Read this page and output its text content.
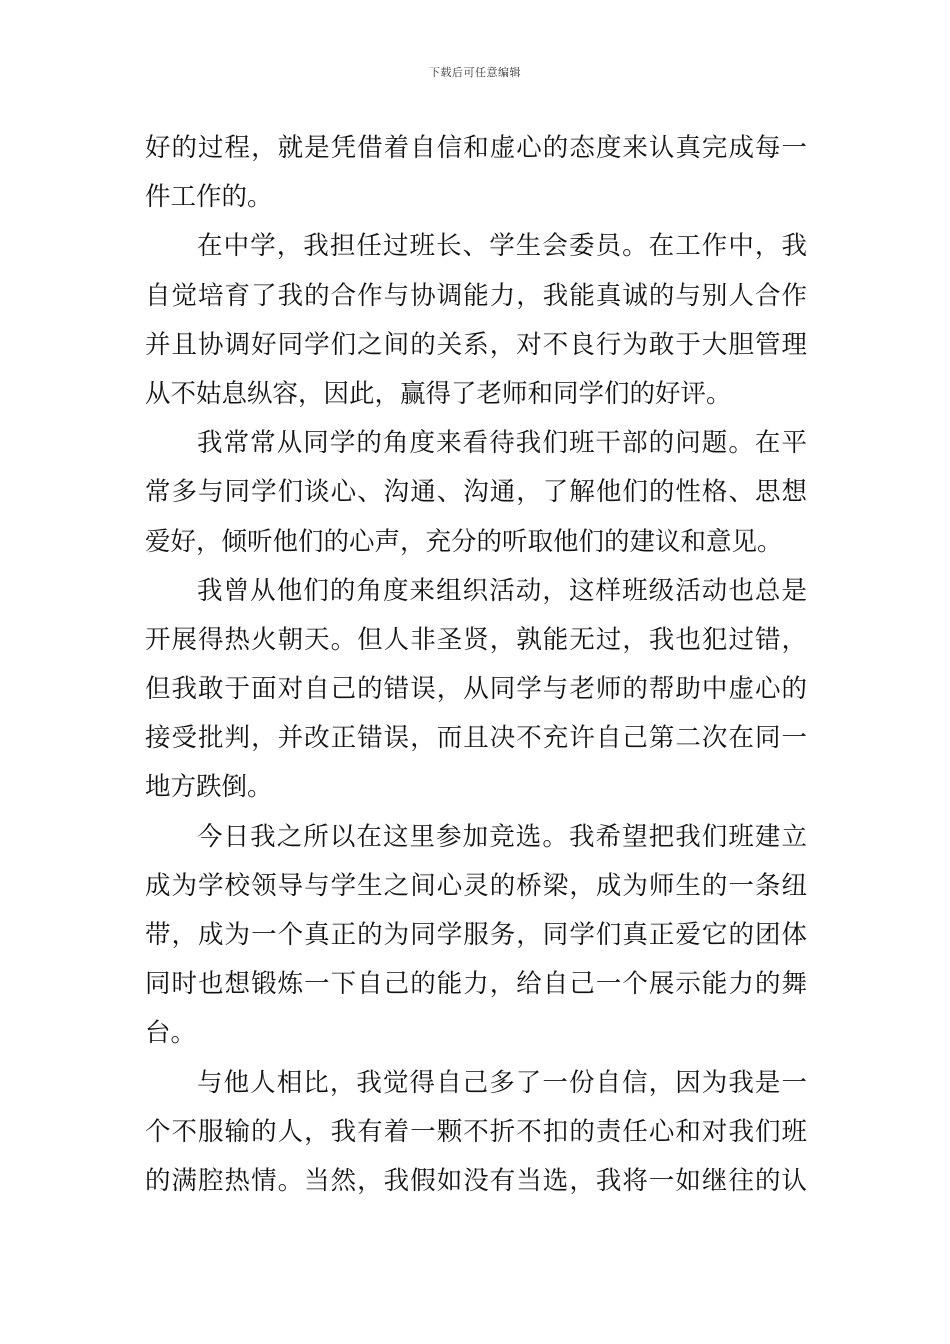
下载后可任意编辑
好的过程，就是凭借着自信和虚心的态度来认真完成每一
件工作的。
在中学，我担任过班长、学生会委员。在工作中，我
自觉培育了我的合作与协调能力，我能真诚的与别人合作
并且协调好同学们之间的关系，对不良行为敢于大胆管理
从不姑息纵容，因此，赢得了老师和同学们的好评。
我常常从同学的角度来看待我们班干部的问题。在平
常多与同学们谈心、沟通、沟通，了解他们的性格、思想
爱好，倾听他们的心声，充分的听取他们的建议和意见。
我曾从他们的角度来组织活动，这样班级活动也总是
开展得热火朝天。但人非圣贤，孰能无过，我也犯过错，
但我敢于面对自己的错误，从同学与老师的帮助中虚心的
接受批判，并改正错误，而且决不充许自己第二次在同一
地方跌倒。
今日我之所以在这里参加竞选。我希望把我们班建立
成为学校领导与学生之间心灵的桥梁，成为师生的一条纽
带，成为一个真正的为同学服务，同学们真正爱它的团体
同时也想锻炼一下自己的能力，给自己一个展示能力的舞
台。
与他人相比，我觉得自己多了一份自信，因为我是一
个不服输的人，我有着一颗不折不扣的责任心和对我们班
的满腔热情。当然，我假如没有当选，我将一如继往的认
